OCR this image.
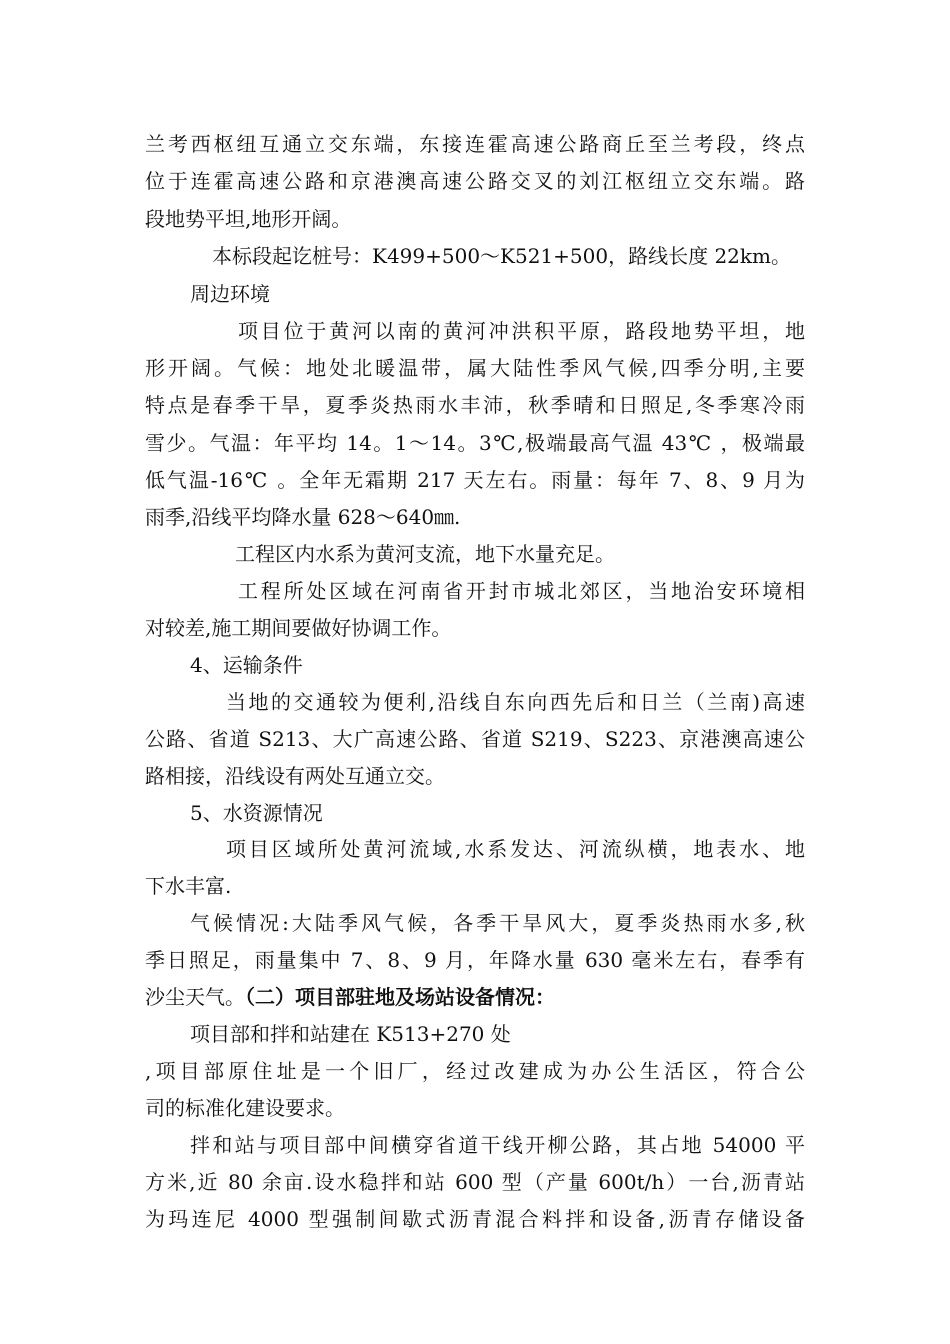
兰考西枢纽互通立交东端，东接连霍高速公路商丘至兰考段，终点
位于连霍高速公路和京港澳高速公路交叉的刘江枢纽立交东端。路
段地势平坦,地形开阔。
本标段起讫桩号：K499+500～K521+500，路线长度 22km。
周边环境
项目位于黄河以南的黄河冲洪积平原，路段地势平坦，地
形开阔。气候：地处北暖温带，属大陆性季风气候,四季分明,主要
特点是春季干旱，夏季炎热雨水丰沛，秋季晴和日照足,冬季寒冷雨
雪少。气温：年平均 14。1～14。3℃,极端最高气温 43℃ ，极端最
低气温-16℃ 。全年无霜期 217 天左右。雨量：每年 7、8、9 月为
雨季,沿线平均降水量 628～640㎜.
工程区内水系为黄河支流，地下水量充足。
工程所处区域在河南省开封市城北郊区，当地治安环境相
对较差,施工期间要做好协调工作。
4、运输条件
当地的交通较为便利,沿线自东向西先后和日兰（兰南)高速
公路、省道 S213、大广高速公路、省道 S219、S223、京港澳高速公
路相接，沿线设有两处互通立交。
5、水资源情况
项目区域所处黄河流域,水系发达、河流纵横，地表水、地
下水丰富.
气候情况:大陆季风气候，各季干旱风大，夏季炎热雨水多,秋
季日照足，雨量集中 7、8、9 月，年降水量 630 毫米左右，春季有
沙尘天气。（二）项目部驻地及场站设备情况：
项目部和拌和站建在 K513+270 处
,项目部原住址是一个旧厂，经过改建成为办公生活区，符合公
司的标准化建设要求。
拌和站与项目部中间横穿省道干线开柳公路，其占地 54000 平
方米,近 80 余亩.设水稳拌和站 600 型（产量 600t/h）一台,沥青站
为玛连尼 4000 型强制间歇式沥青混合料拌和设备,沥青存储设备
